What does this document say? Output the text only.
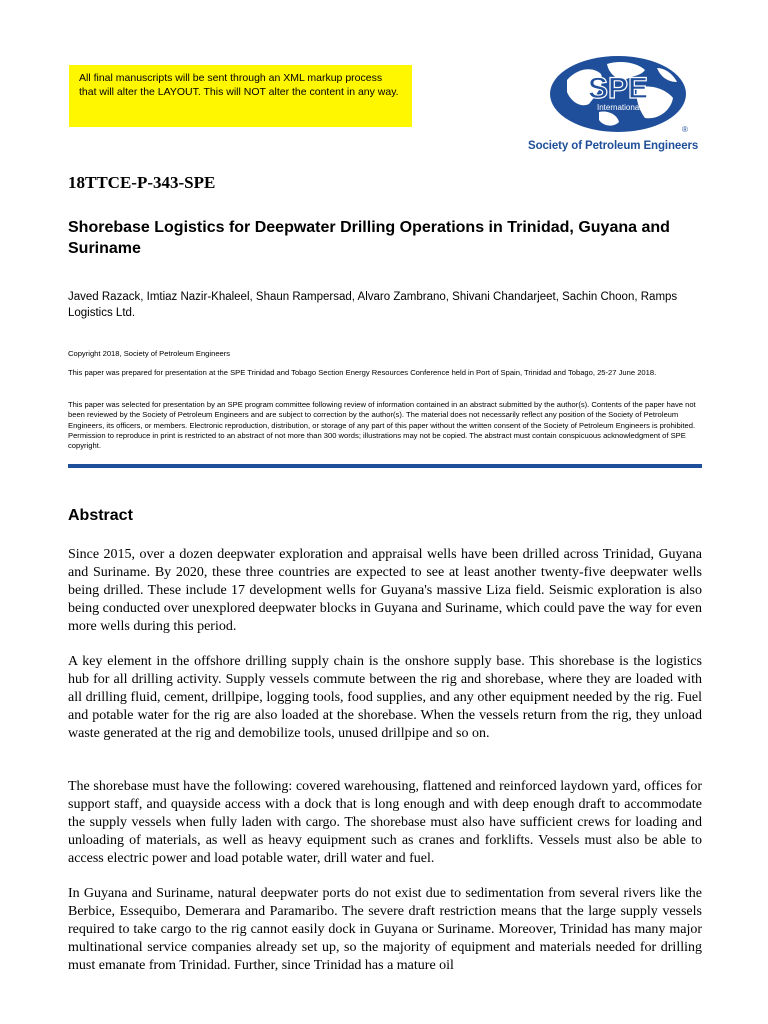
All final manuscripts will be sent through an XML markup process that will alter the LAYOUT. This will NOT alter the content in any way.	SPE
International
®
Society of Petroleum Engineers
18TTCE-P-343-SPE
Shorebase Logistics for Deepwater Drilling Operations in Trinidad, Guyana and Suriname
Javed Razack, Imtiaz Nazir-Khaleel, Shaun Rampersad, Alvaro Zambrano, Shivani Chandarjeet, Sachin Choon, Ramps Logistics Ltd.
Copyright 2018, Society of Petroleum Engineers
This paper was prepared for presentation at the SPE Trinidad and Tobago Section Energy Resources Conference held in Port of Spain, Trinidad and Tobago, 25-27 June 2018.
This paper was selected for presentation by an SPE program committee following review of information contained in an abstract submitted by the author(s). Contents of the paper have not been reviewed by the Society of Petroleum Engineers and are subject to correction by the author(s). The material does not necessarily reflect any position of the Society of Petroleum Engineers, its officers, or members. Electronic reproduction, distribution, or storage of any part of this paper without the written consent of the Society of Petroleum Engineers is prohibited. Permission to reproduce in print is restricted to an abstract of not more than 300 words; illustrations may not be copied. The abstract must contain conspicuous acknowledgment of SPE copyright.
Abstract

Since 2015, over a dozen deepwater exploration and appraisal wells have been drilled across Trinidad, Guyana and Suriname. By 2020, these three countries are expected to see at least another twenty-five deepwater wells being drilled. These include 17 development wells for Guyana's massive Liza field. Seismic exploration is also being conducted over unexplored deepwater blocks in Guyana and Suriname, which could pave the way for even more wells during this period.

A key element in the offshore drilling supply chain is the onshore supply base. This shorebase is the logistics hub for all drilling activity. Supply vessels commute between the rig and shorebase, where they are loaded with all drilling fluid, cement, drillpipe, logging tools, food supplies, and any other equipment needed by the rig. Fuel and potable water for the rig are also loaded at the shorebase. When the vessels return from the rig, they unload waste generated at the rig and demobilize tools, unused drillpipe and so on.

The shorebase must have the following: covered warehousing, flattened and reinforced laydown yard, offices for support staff, and quayside access with a dock that is long enough and with deep enough draft to accommodate the supply vessels when fully laden with cargo. The shorebase must also have sufficient crews for loading and unloading of materials, as well as heavy equipment such as cranes and forklifts. Vessels must also be able to access electric power and load potable water, drill water and fuel.

In Guyana and Suriname, natural deepwater ports do not exist due to sedimentation from several rivers like the Berbice, Essequibo, Demerara and Paramaribo. The severe draft restriction means that the large supply vessels required to take cargo to the rig cannot easily dock in Guyana or Suriname. Moreover, Trinidad has many major multinational service companies already set up, so the majority of equipment and materials needed for drilling must emanate from Trinidad. Further, since Trinidad has a mature oil
